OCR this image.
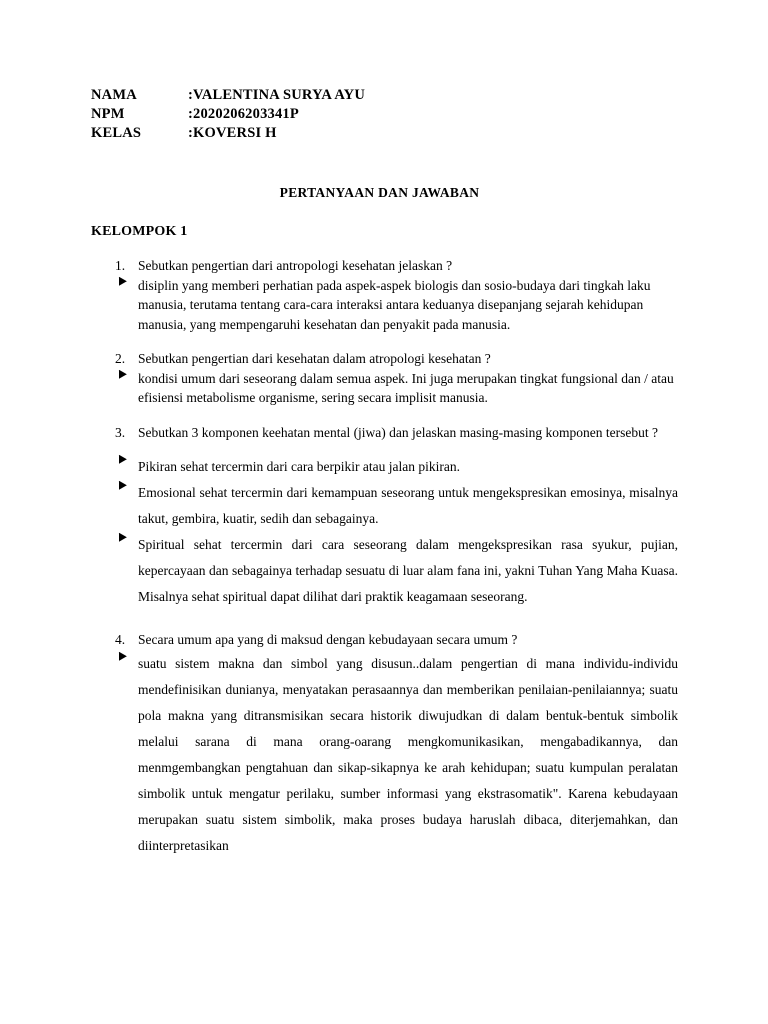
NAMA	:VALENTINA SURYA AYU
NPM	:2020206203341P
KELAS	:KOVERSI H
PERTANYAAN DAN JAWABAN
KELOMPOK 1
1. Sebutkan pengertian dari antropologi kesehatan jelaskan ?
disiplin yang memberi perhatian pada aspek-aspek biologis dan sosio-budaya dari tingkah laku manusia, terutama tentang cara-cara interaksi antara keduanya disepanjang sejarah kehidupan manusia, yang mempengaruhi kesehatan dan penyakit pada manusia.
2. Sebutkan pengertian dari kesehatan dalam atropologi kesehatan ?
kondisi umum dari seseorang dalam semua aspek. Ini juga merupakan tingkat fungsional dan / atau efisiensi metabolisme organisme, sering secara implisit manusia.
3. Sebutkan 3 komponen keehatan mental (jiwa) dan jelaskan masing-masing komponen tersebut ?
Pikiran sehat tercermin dari cara berpikir atau jalan pikiran.
Emosional sehat tercermin dari kemampuan seseorang untuk mengekspresikan emosinya, misalnya takut, gembira, kuatir, sedih dan sebagainya.
Spiritual sehat tercermin dari cara seseorang dalam mengekspresikan rasa syukur, pujian, kepercayaan dan sebagainya terhadap sesuatu di luar alam fana ini, yakni Tuhan Yang Maha Kuasa. Misalnya sehat spiritual dapat dilihat dari praktik keagamaan seseorang.
4. Secara umum apa yang di maksud dengan kebudayaan secara umum ?
suatu sistem makna dan simbol yang disusun..dalam pengertian di mana individu-individu mendefinisikan dunianya, menyatakan perasaannya dan memberikan penilaian-penilaiannya; suatu pola makna yang ditransmisikan secara historik diwujudkan di dalam bentuk-bentuk simbolik melalui sarana di mana orang-oarang mengkomunikasikan, mengabadikannya, dan menmgembangkan pengtahuan dan sikap-sikapnya ke arah kehidupan; suatu kumpulan peralatan simbolik untuk mengatur perilaku, sumber informasi yang ekstrasomatik". Karena kebudayaan merupakan suatu sistem simbolik, maka proses budaya haruslah dibaca, diterjemahkan, dan diinterpretasikan
